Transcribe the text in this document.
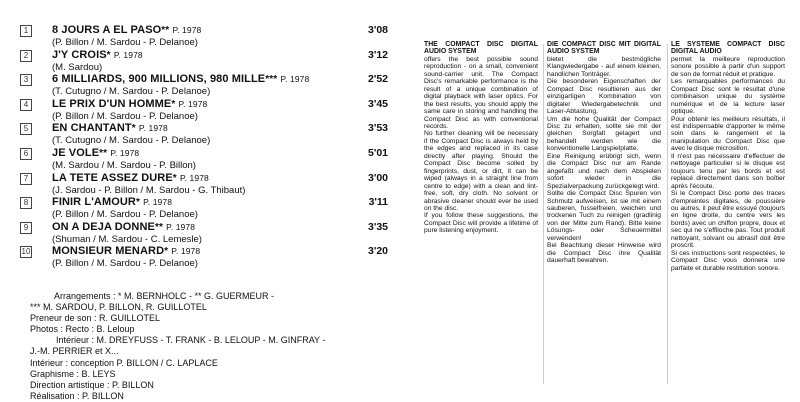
1	8 JOURS A EL PASO** P. 1978	3'08
(P. Billon / M. Sardou - P. Delanoe)
2	J'Y CROIS* P. 1978	3'12
(M. Sardou)
3	6 MILLIARDS, 900 MILLIONS, 980 MILLE*** P. 1978	2'52
(T. Cutugno / M. Sardou - P. Delanoe)
4	LE PRIX D'UN HOMME* P. 1978	3'45
(P. Billon / M. Sardou - P. Delanoe)
5	EN CHANTANT* P. 1978	3'53
(T. Cutugno / M. Sardou - P. Delanoe)
6	JE VOLE** P. 1978	5'01
(M. Sardou / M. Sardou - P. Billon)
7	LA TETE ASSEZ DURE* P. 1978	3'00
(J. Sardou - P. Billon / M. Sardou - G. Thibaut)
8	FINIR L'AMOUR* P. 1978	3'11
(P. Billon / M. Sardou - P. Delanoe)
9	ON A DEJA DONNE** P. 1978	3'35
(Shuman / M. Sardou - C. Lemesle)
10 MONSIEUR MENARD* P. 1978	3'20
(P. Billon / M. Sardou - P. Delanoe)
Arrangements : * M. BERNHOLC - ** G. GUERMEUR -
*** M. SARDOU, P. BILLON, R. GUILLOTEL
Preneur de son : R. GUILLOTEL
Photos : Recto : B. Leloup
Intérieur : M. DREYFUSS - T. FRANK - B. LELOUP - M. GINFRAY -
J.-M. PERRIER et X...
Intérieur : conception P. BILLON / C. LAPLACE
Graphisme : B. LEYS
Direction artistique : P. BILLON
Réalisation : P. BILLON
THE COMPACT DISC DIGITAL AUDIO SYSTEM

offers the best possible sound reproduction - on a small, convenient sound-carrier unit. The Compact Disc's remarkable performance is the result of a unique combination of digital playback with laser optics. For the best results, you should apply the same care in storing and handling the Compact Disc as with conventional records.

No further cleaning will be necessary if the Compact Disc is always held by the edges and replaced in its case directly after playing. Should the Compact Disc become soiled by fingerprints, dust, or dirt, it can be wiped (always in a straight line from centre to edge) with a clean and lint-free, soft, dry cloth. No solvent or abrasive cleaner should ever be used on the disc.

If you follow these suggestions, the Compact Disc will provide a lifetime of pure listening enjoyment.

DIE COMPACT DISC MIT DIGITAL AUDIO SYSTEM

bietet die bestmögliche Klangwiedergabe - auf einem kleinen, handlichen Tonträger.

Die besonderen Eigenschaften der Compact Disc resultieren aus der einzigartigen Kombination von digitaler Wiedergabetechnik und Laser-Abtastung.

Um die hohe Qualität der Compact Disc zu erhalten, sollte sie mit der gleichen Sorgfalt gelagert und behandelt werden wie die konventionelle Langspielplatte.

Eine Reinigung erübrigt sich, wenn die Compact Disc nur am Rande angefaßt und nach dem Abspielen sofort wieder in die Spezialverpackung zurückgelegt wird.

Sollte die Compact Disc Spuren von Schmutz aufweisen, ist sie mit einem sauberen, fusselfreien, weichen und trockenen Tuch zu reinigen (gradlinig von der Mitte zum Rand). Bitte keine Lösungs- oder Scheuermittel verwenden!

Bei Beachtung dieser Hinweise wird die Compact Disc ihre Qualität dauerhaft bewahren.

LE SYSTÈME COMPACT DISC DIGITAL AUDIO

permet la meilleure reproduction sonore possible à partir d'un support de son de format réduit et pratique.

Les remarquables performances du Compact Disc sont le résultat d'une combinaison unique du système numérique et de la lecture laser optique.

Pour obtenir les meilleurs résultats, il est indispensable d'apporter le même soin dans le rangement et la manipulation du Compact Disc que avec le disque microsillon.

Il n'est pas nécessaire d'effectuer de nettoyage particulier si le disque est toujours tenu par les bords et est replacé directement dans son boîtier après l'écoute.

Si le Compact Disc porte des traces d'empreintes digitales, de poussière ou autres, il peut être essuyé (toujours en ligne droite, du centre vers les bords) avec un chiffon propre, doux et sec qui ne s'effiloche pas. Tout produit nettoyant, solvant ou abrasif doit être proscrit.

Si ces instructions sont respectées, le Compact Disc vous donnera une parfaite et durable restitution sonore.
